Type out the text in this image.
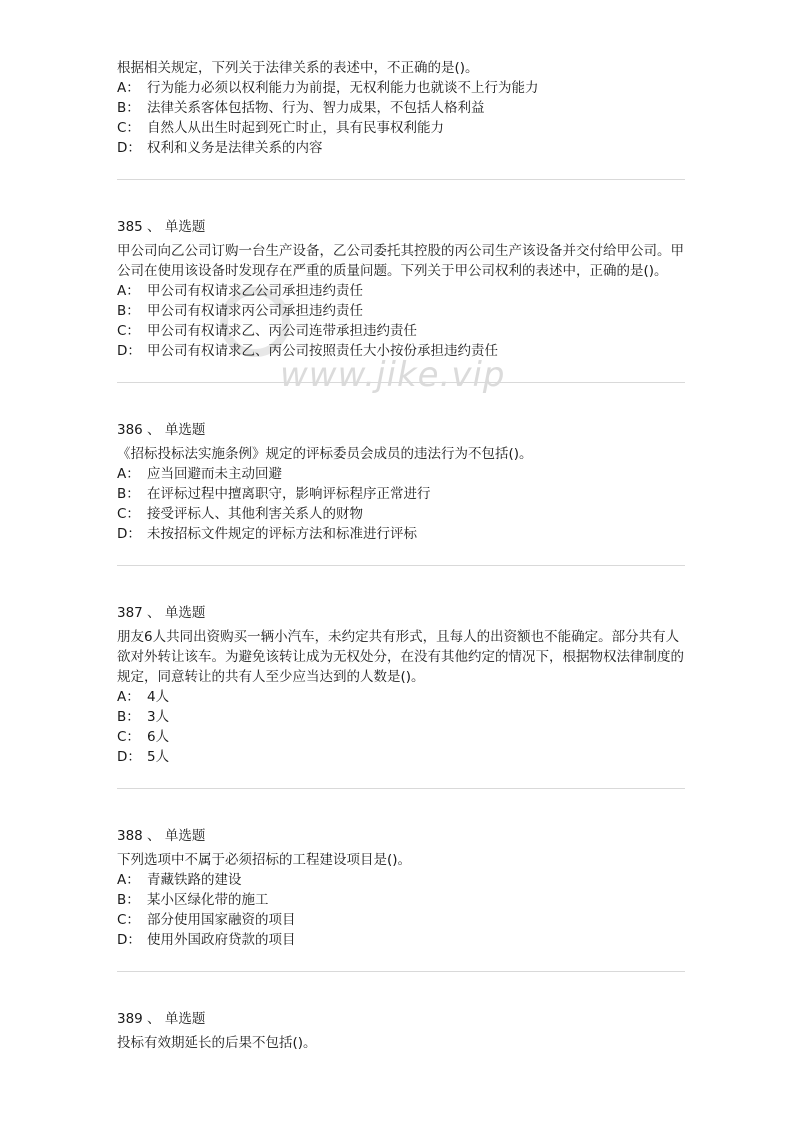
www.jike.vip

根据相关规定，下列关于法律关系的表述中，不正确的是()。

A： 行为能力必须以权利能力为前提，无权利能力也就谈不上行为能力

B： 法律关系客体包括物、行为、智力成果，不包括人格利益

C： 自然人从出生时起到死亡时止，具有民事权利能力

D： 权利和义务是法律关系的内容

385 、 单选题

甲公司向乙公司订购一台生产设备，乙公司委托其控股的丙公司生产该设备并交付给甲公司。甲公司在使用该设备时发现存在严重的质量问题。下列关于甲公司权利的表述中，正确的是()。

A： 甲公司有权请求乙公司承担违约责任

B： 甲公司有权请求丙公司承担违约责任

C： 甲公司有权请求乙、丙公司连带承担违约责任

D： 甲公司有权请求乙、丙公司按照责任大小按份承担违约责任

386 、 单选题

《招标投标法实施条例》规定的评标委员会成员的违法行为不包括()。

A： 应当回避而未主动回避

B： 在评标过程中擅离职守，影响评标程序正常进行

C： 接受评标人、其他利害关系人的财物

D： 未按招标文件规定的评标方法和标准进行评标

387 、 单选题

朋友6人共同出资购买一辆小汽车，未约定共有形式，且每人的出资额也不能确定。部分共有人欲对外转让该车。为避免该转让成为无权处分，在没有其他约定的情况下，根据物权法律制度的规定，同意转让的共有人至少应当达到的人数是()。

A： 4人

B： 3人

C： 6人

D： 5人

388 、 单选题

下列选项中不属于必须招标的工程建设项目是()。

A： 青藏铁路的建设

B： 某小区绿化带的施工

C： 部分使用国家融资的项目

D： 使用外国政府贷款的项目

389 、 单选题

投标有效期延长的后果不包括()。
